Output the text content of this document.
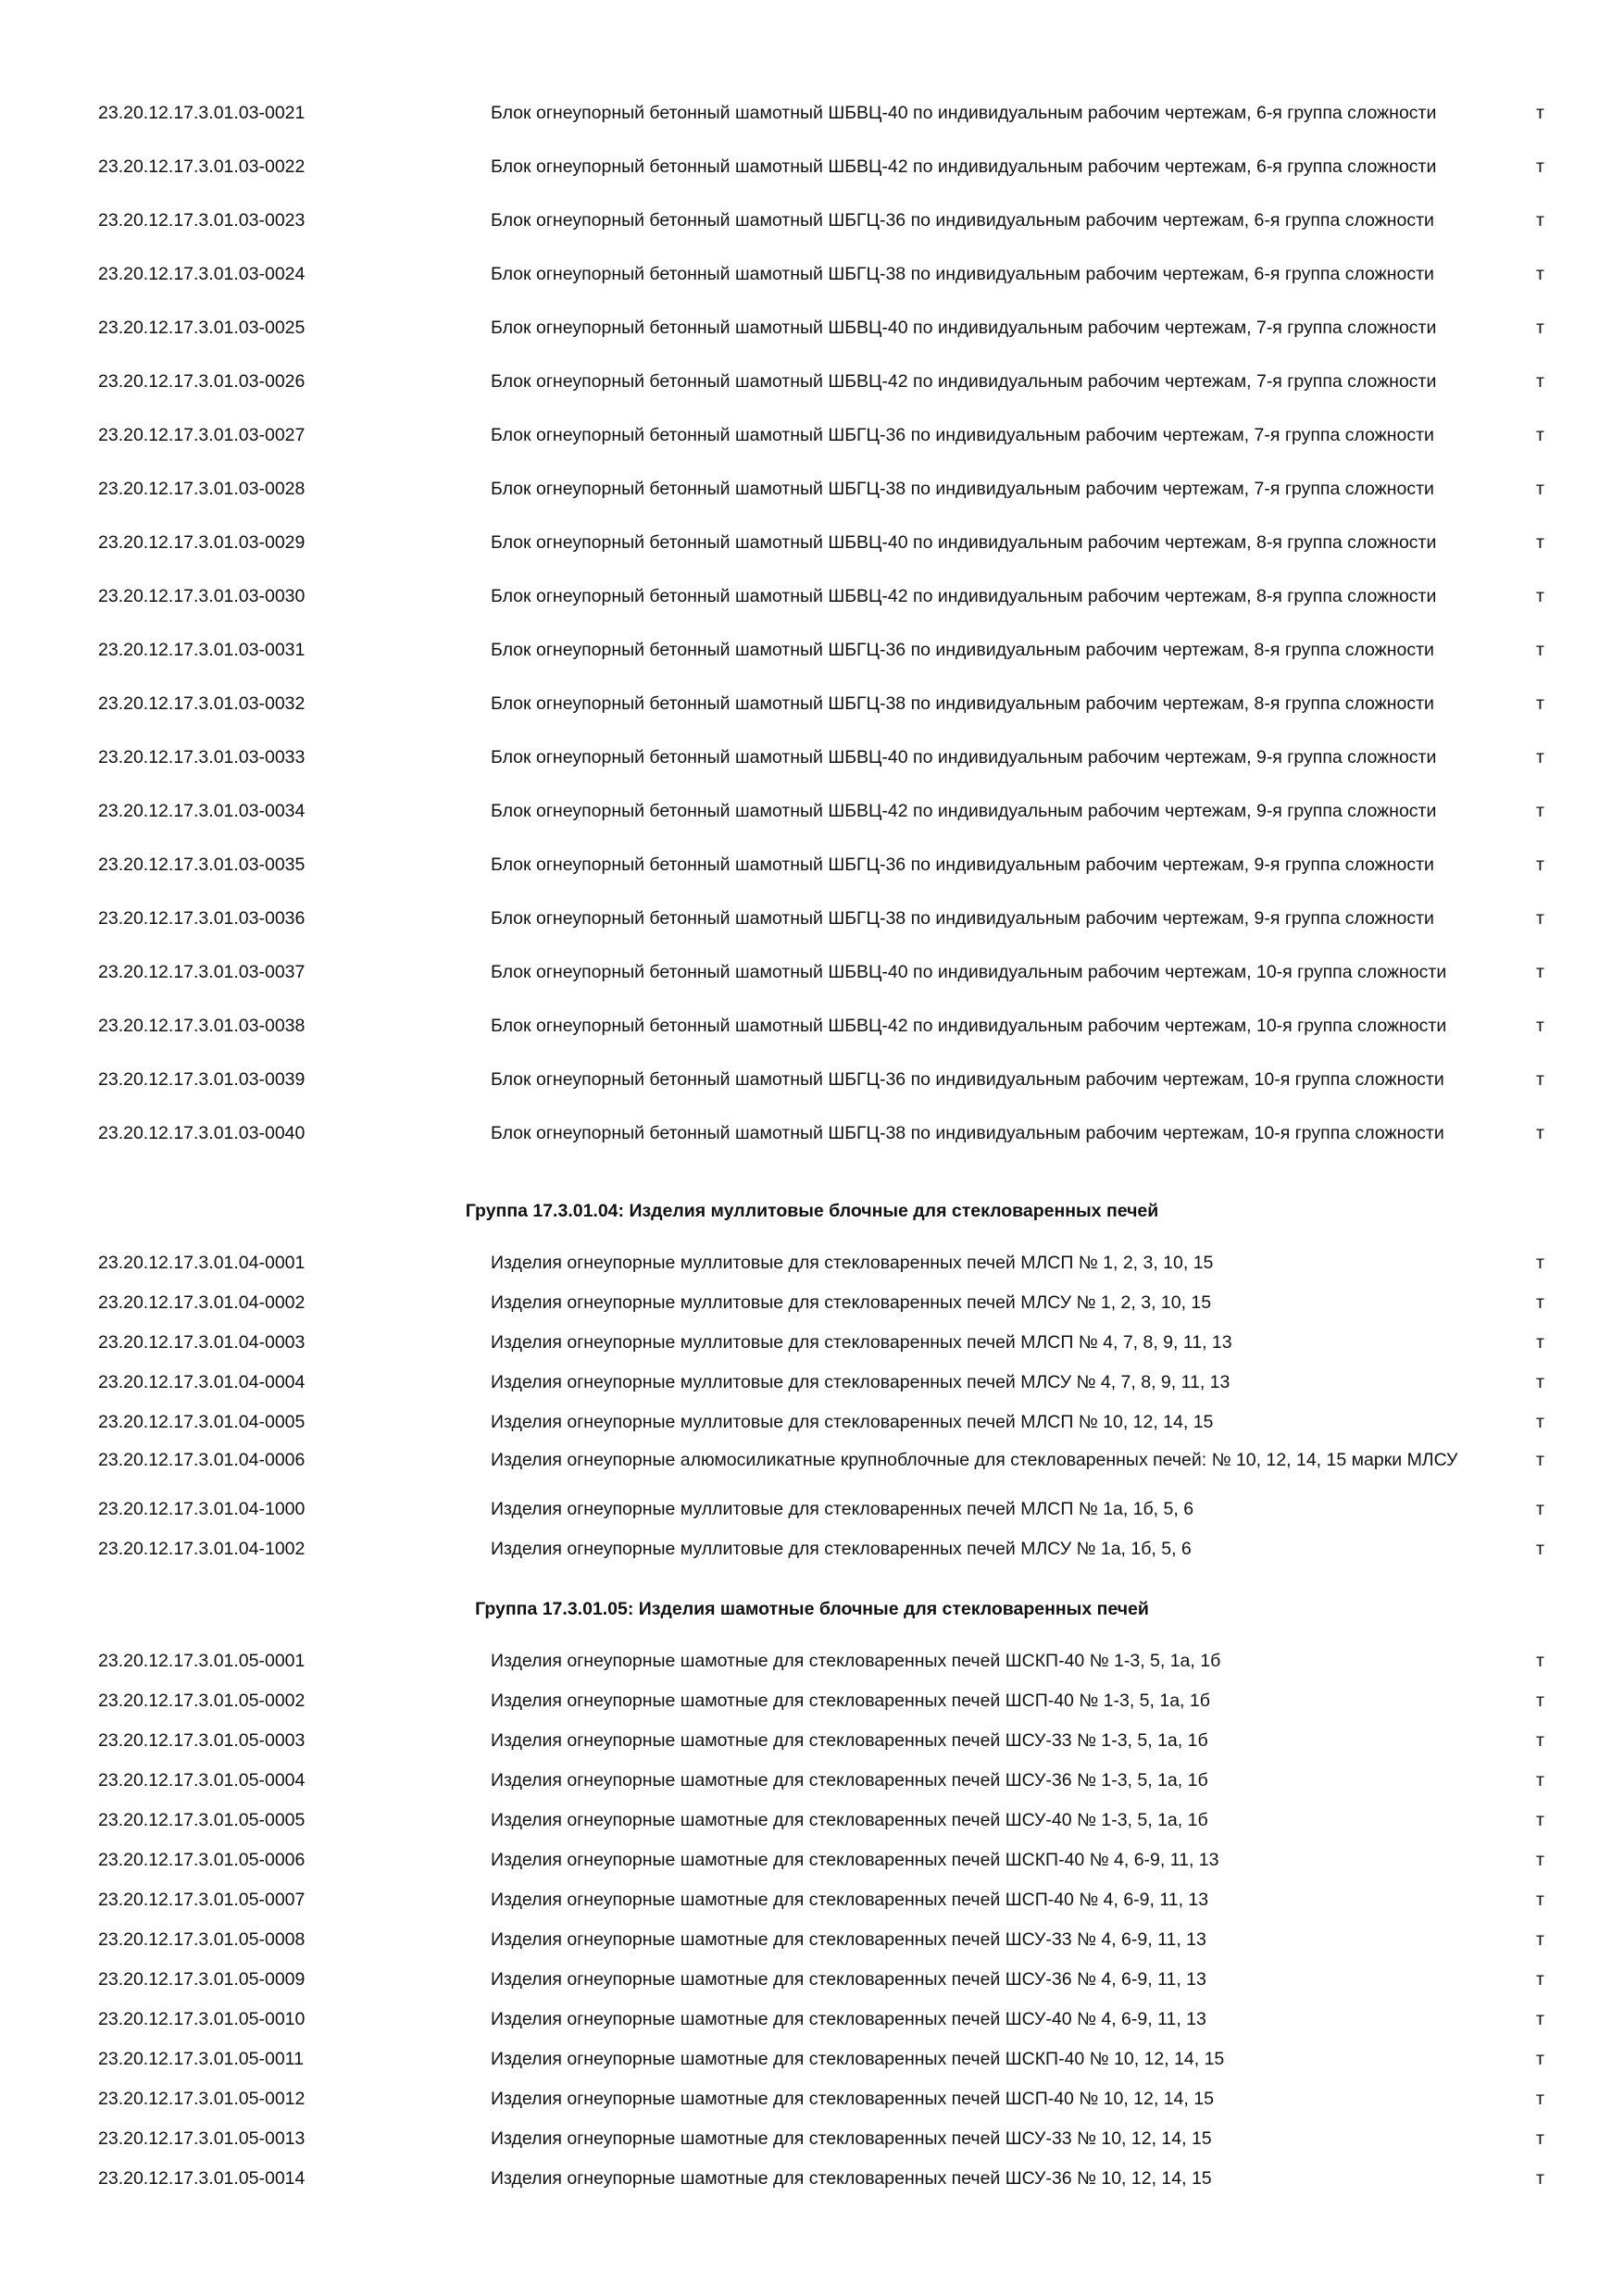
23.20.12.17.3.01.03-0021	Блок огнеупорный бетонный шамотный ШБВЦ-40 по индивидуальным рабочим чертежам, 6-я группа сложности	т
23.20.12.17.3.01.03-0022	Блок огнеупорный бетонный шамотный ШБВЦ-42 по индивидуальным рабочим чертежам, 6-я группа сложности	т
23.20.12.17.3.01.03-0023	Блок огнеупорный бетонный шамотный ШБГЦ-36 по индивидуальным рабочим чертежам, 6-я группа сложности	т
23.20.12.17.3.01.03-0024	Блок огнеупорный бетонный шамотный ШБГЦ-38 по индивидуальным рабочим чертежам, 6-я группа сложности	т
23.20.12.17.3.01.03-0025	Блок огнеупорный бетонный шамотный ШБВЦ-40 по индивидуальным рабочим чертежам, 7-я группа сложности	т
23.20.12.17.3.01.03-0026	Блок огнеупорный бетонный шамотный ШБВЦ-42 по индивидуальным рабочим чертежам, 7-я группа сложности	т
23.20.12.17.3.01.03-0027	Блок огнеупорный бетонный шамотный ШБГЦ-36 по индивидуальным рабочим чертежам, 7-я группа сложности	т
23.20.12.17.3.01.03-0028	Блок огнеупорный бетонный шамотный ШБГЦ-38 по индивидуальным рабочим чертежам, 7-я группа сложности	т
23.20.12.17.3.01.03-0029	Блок огнеупорный бетонный шамотный ШБВЦ-40 по индивидуальным рабочим чертежам, 8-я группа сложности	т
23.20.12.17.3.01.03-0030	Блок огнеупорный бетонный шамотный ШБВЦ-42 по индивидуальным рабочим чертежам, 8-я группа сложности	т
23.20.12.17.3.01.03-0031	Блок огнеупорный бетонный шамотный ШБГЦ-36 по индивидуальным рабочим чертежам, 8-я группа сложности	т
23.20.12.17.3.01.03-0032	Блок огнеупорный бетонный шамотный ШБГЦ-38 по индивидуальным рабочим чертежам, 8-я группа сложности	т
23.20.12.17.3.01.03-0033	Блок огнеупорный бетонный шамотный ШБВЦ-40 по индивидуальным рабочим чертежам, 9-я группа сложности	т
23.20.12.17.3.01.03-0034	Блок огнеупорный бетонный шамотный ШБВЦ-42 по индивидуальным рабочим чертежам, 9-я группа сложности	т
23.20.12.17.3.01.03-0035	Блок огнеупорный бетонный шамотный ШБГЦ-36 по индивидуальным рабочим чертежам, 9-я группа сложности	т
23.20.12.17.3.01.03-0036	Блок огнеупорный бетонный шамотный ШБГЦ-38 по индивидуальным рабочим чертежам, 9-я группа сложности	т
23.20.12.17.3.01.03-0037	Блок огнеупорный бетонный шамотный ШБВЦ-40 по индивидуальным рабочим чертежам, 10-я группа сложности	т
23.20.12.17.3.01.03-0038	Блок огнеупорный бетонный шамотный ШБВЦ-42 по индивидуальным рабочим чертежам, 10-я группа сложности	т
23.20.12.17.3.01.03-0039	Блок огнеупорный бетонный шамотный ШБГЦ-36 по индивидуальным рабочим чертежам, 10-я группа сложности	т
23.20.12.17.3.01.03-0040	Блок огнеупорный бетонный шамотный ШБГЦ-38 по индивидуальным рабочим чертежам, 10-я группа сложности	т
Группа 17.3.01.04: Изделия муллитовые блочные для стекловаренных печей
23.20.12.17.3.01.04-0001	Изделия огнеупорные муллитовые для стекловаренных печей МЛСП № 1, 2, 3, 10, 15	т
23.20.12.17.3.01.04-0002	Изделия огнеупорные муллитовые для стекловаренных печей МЛСУ № 1, 2, 3, 10, 15	т
23.20.12.17.3.01.04-0003	Изделия огнеупорные муллитовые для стекловаренных печей МЛСП № 4, 7, 8, 9, 11, 13	т
23.20.12.17.3.01.04-0004	Изделия огнеупорные муллитовые для стекловаренных печей МЛСУ № 4, 7, 8, 9, 11, 13	т
23.20.12.17.3.01.04-0005	Изделия огнеупорные муллитовые для стекловаренных печей МЛСП № 10, 12, 14, 15	т
23.20.12.17.3.01.04-0006	Изделия огнеупорные алюмосиликатные крупноблочные для стекловаренных печей: № 10, 12, 14, 15 марки МЛСУ	т
23.20.12.17.3.01.04-1000	Изделия огнеупорные муллитовые для стекловаренных печей МЛСП № 1а, 1б, 5, 6	т
23.20.12.17.3.01.04-1002	Изделия огнеупорные муллитовые для стекловаренных печей МЛСУ № 1а, 1б, 5, 6	т
Группа 17.3.01.05: Изделия шамотные блочные для стекловаренных печей
23.20.12.17.3.01.05-0001	Изделия огнеупорные шамотные для стекловаренных печей ШСКП-40 № 1-3, 5, 1а, 1б	т
23.20.12.17.3.01.05-0002	Изделия огнеупорные шамотные для стекловаренных печей ШСП-40 № 1-3, 5, 1а, 1б	т
23.20.12.17.3.01.05-0003	Изделия огнеупорные шамотные для стекловаренных печей ШСУ-33 № 1-3, 5, 1а, 1б	т
23.20.12.17.3.01.05-0004	Изделия огнеупорные шамотные для стекловаренных печей ШСУ-36 № 1-3, 5, 1а, 1б	т
23.20.12.17.3.01.05-0005	Изделия огнеупорные шамотные для стекловаренных печей ШСУ-40 № 1-3, 5, 1а, 1б	т
23.20.12.17.3.01.05-0006	Изделия огнеупорные шамотные для стекловаренных печей ШСКП-40 № 4, 6-9, 11, 13	т
23.20.12.17.3.01.05-0007	Изделия огнеупорные шамотные для стекловаренных печей ШСП-40 № 4, 6-9, 11, 13	т
23.20.12.17.3.01.05-0008	Изделия огнеупорные шамотные для стекловаренных печей ШСУ-33 № 4, 6-9, 11, 13	т
23.20.12.17.3.01.05-0009	Изделия огнеупорные шамотные для стекловаренных печей ШСУ-36 № 4, 6-9, 11, 13	т
23.20.12.17.3.01.05-0010	Изделия огнеупорные шамотные для стекловаренных печей ШСУ-40 № 4, 6-9, 11, 13	т
23.20.12.17.3.01.05-0011	Изделия огнеупорные шамотные для стекловаренных печей ШСКП-40 № 10, 12, 14, 15	т
23.20.12.17.3.01.05-0012	Изделия огнеупорные шамотные для стекловаренных печей ШСП-40 № 10, 12, 14, 15	т
23.20.12.17.3.01.05-0013	Изделия огнеупорные шамотные для стекловаренных печей ШСУ-33 № 10, 12, 14, 15	т
23.20.12.17.3.01.05-0014	Изделия огнеупорные шамотные для стекловаренных печей ШСУ-36 № 10, 12, 14, 15	т
